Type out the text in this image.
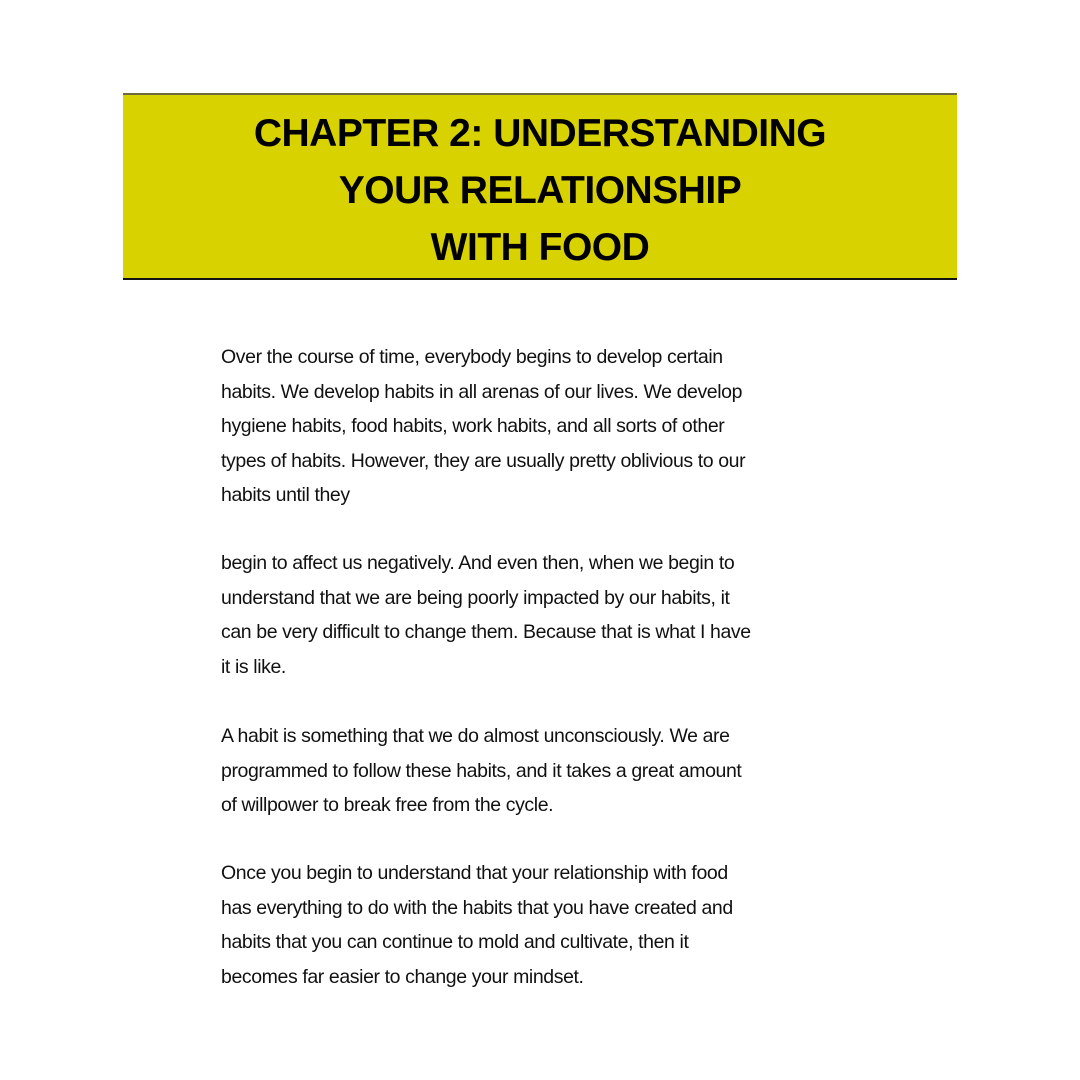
CHAPTER 2: UNDERSTANDING
YOUR RELATIONSHIP
WITH FOOD

Over the course of time, everybody begins to develop certain
habits. We develop habits in all arenas of our lives. We develop
hygiene habits, food habits, work habits, and all sorts of other
types of habits. However, they are usually pretty oblivious to our
habits until they

begin to affect us negatively. And even then, when we begin to
understand that we are being poorly impacted by our habits, it
can be very difficult to change them. Because that is what I have
it is like.

A habit is something that we do almost unconsciously. We are
programmed to follow these habits, and it takes a great amount
of willpower to break free from the cycle.

Once you begin to understand that your relationship with food
has everything to do with the habits that you have created and
habits that you can continue to mold and cultivate, then it
becomes far easier to change your mindset.
